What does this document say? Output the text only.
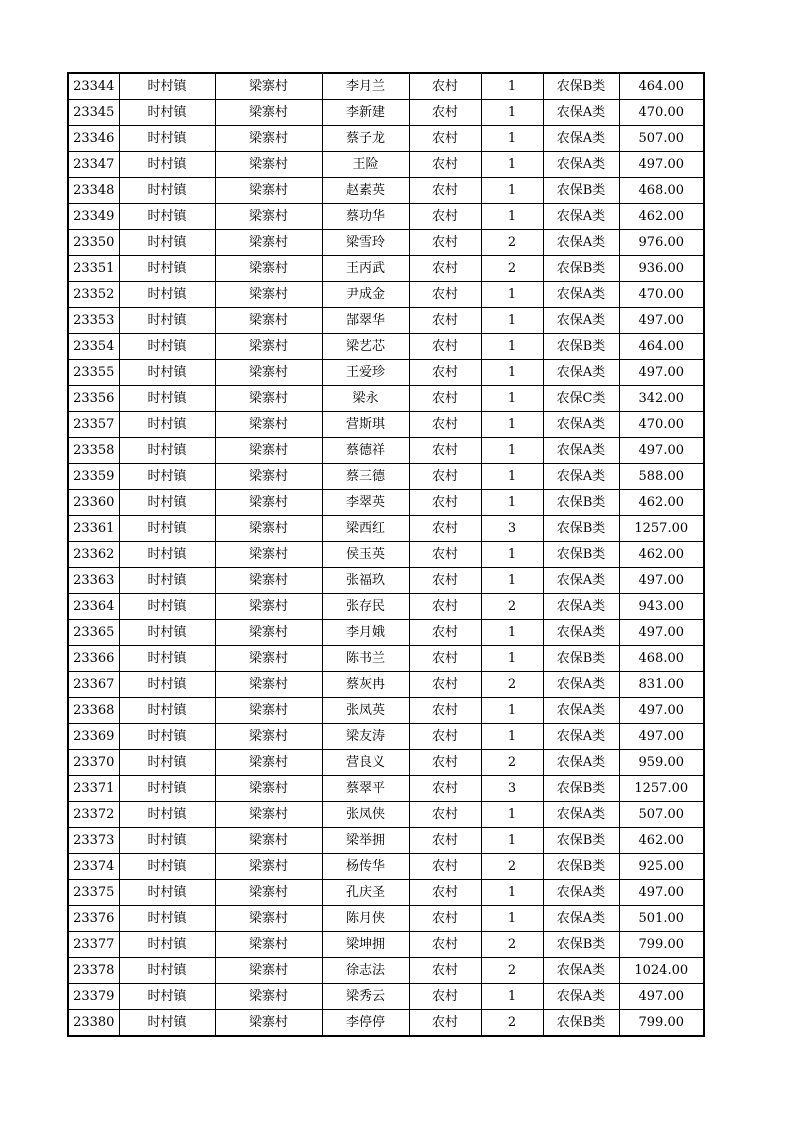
23344	时村镇	梁寨村	李月兰	农村	1	农保B类	464.00
23345	时村镇	梁寨村	李新建	农村	1	农保A类	470.00
23346	时村镇	梁寨村	蔡子龙	农村	1	农保A类	507.00
23347	时村镇	梁寨村	王险	农村	1	农保A类	497.00
23348	时村镇	梁寨村	赵素英	农村	1	农保B类	468.00
23349	时村镇	梁寨村	蔡功华	农村	1	农保A类	462.00
23350	时村镇	梁寨村	梁雪玲	农村	2	农保A类	976.00
23351	时村镇	梁寨村	王丙武	农村	2	农保B类	936.00
23352	时村镇	梁寨村	尹成金	农村	1	农保A类	470.00
23353	时村镇	梁寨村	郜翠华	农村	1	农保A类	497.00
23354	时村镇	梁寨村	梁艺芯	农村	1	农保B类	464.00
23355	时村镇	梁寨村	王爱珍	农村	1	农保A类	497.00
23356	时村镇	梁寨村	梁永	农村	1	农保C类	342.00
23357	时村镇	梁寨村	营斯琪	农村	1	农保A类	470.00
23358	时村镇	梁寨村	蔡德祥	农村	1	农保A类	497.00
23359	时村镇	梁寨村	蔡三德	农村	1	农保A类	588.00
23360	时村镇	梁寨村	李翠英	农村	1	农保B类	462.00
23361	时村镇	梁寨村	梁西红	农村	3	农保B类	1257.00
23362	时村镇	梁寨村	侯玉英	农村	1	农保B类	462.00
23363	时村镇	梁寨村	张福玖	农村	1	农保A类	497.00
23364	时村镇	梁寨村	张存民	农村	2	农保A类	943.00
23365	时村镇	梁寨村	李月娥	农村	1	农保A类	497.00
23366	时村镇	梁寨村	陈书兰	农村	1	农保B类	468.00
23367	时村镇	梁寨村	蔡灰冉	农村	2	农保A类	831.00
23368	时村镇	梁寨村	张凤英	农村	1	农保A类	497.00
23369	时村镇	梁寨村	梁友涛	农村	1	农保A类	497.00
23370	时村镇	梁寨村	营良义	农村	2	农保A类	959.00
23371	时村镇	梁寨村	蔡翠平	农村	3	农保B类	1257.00
23372	时村镇	梁寨村	张凤侠	农村	1	农保A类	507.00
23373	时村镇	梁寨村	梁举拥	农村	1	农保B类	462.00
23374	时村镇	梁寨村	杨传华	农村	2	农保B类	925.00
23375	时村镇	梁寨村	孔庆圣	农村	1	农保A类	497.00
23376	时村镇	梁寨村	陈月侠	农村	1	农保A类	501.00
23377	时村镇	梁寨村	梁坤拥	农村	2	农保B类	799.00
23378	时村镇	梁寨村	徐志法	农村	2	农保A类	1024.00
23379	时村镇	梁寨村	梁秀云	农村	1	农保A类	497.00
23380	时村镇	梁寨村	李停停	农村	2	农保B类	799.00
